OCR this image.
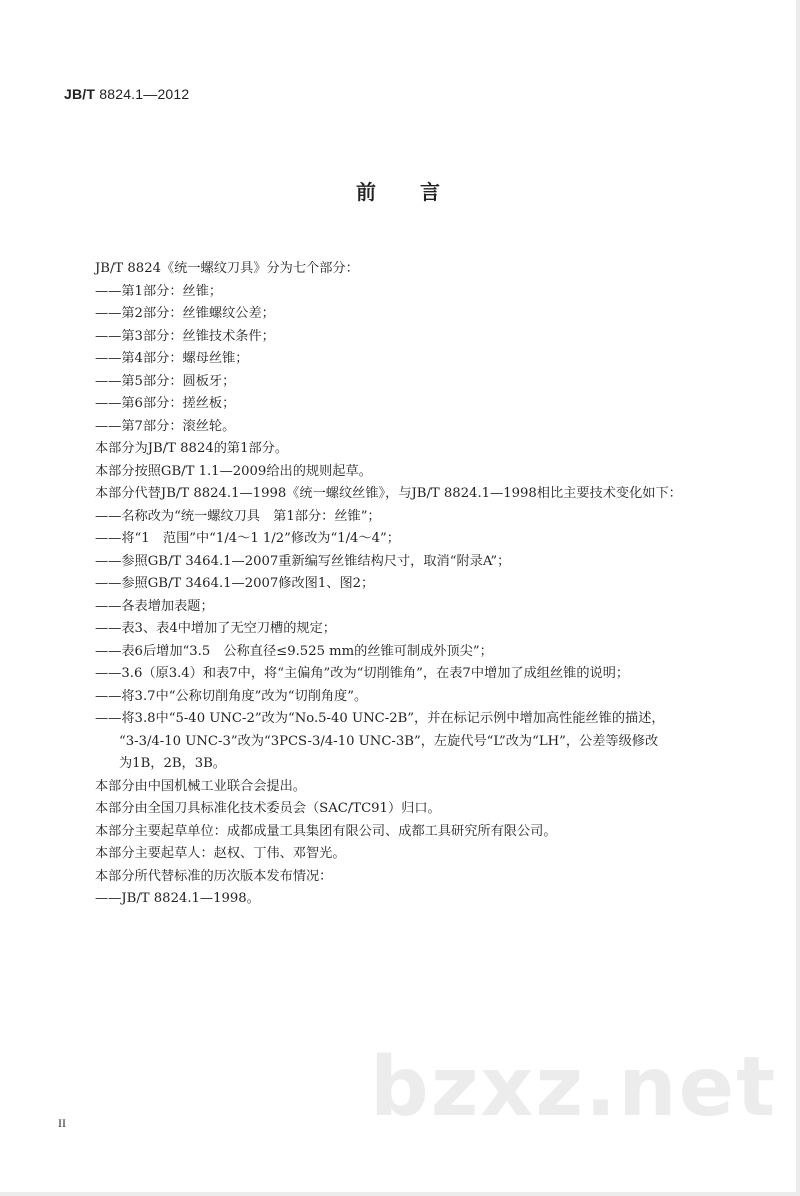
JB/T 8824.1—2012
前言
JB/T 8824《统一螺纹刀具》分为七个部分：
——第1部分：丝锥；
——第2部分：丝锥螺纹公差；
——第3部分：丝锥技术条件；
——第4部分：螺母丝锥；
——第5部分：圆板牙；
——第6部分：搓丝板；
——第7部分：滚丝轮。
本部分为JB/T 8824的第1部分。
本部分按照GB/T 1.1—2009给出的规则起草。
本部分代替JB/T 8824.1—1998《统一螺纹丝锥》，与JB/T 8824.1—1998相比主要技术变化如下：
——名称改为“统一螺纹刀具　第1部分：丝锥”；
——将“1　范围”中“1/4～1 1/2”修改为“1/4～4”；
——参照GB/T 3464.1—2007重新编写丝锥结构尺寸，取消“附录A”；
——参照GB/T 3464.1—2007修改图1、图2；
——各表增加表题；
——表3、表4中增加了无空刀槽的规定；
——表6后增加“3.5　公称直径≤9.525 mm的丝锥可制成外顶尖”；
——3.6（原3.4）和表7中，将“主偏角”改为“切削锥角”，在表7中增加了成组丝锥的说明；
——将3.7中“公称切削角度”改为“切削角度”。
——将3.8中“5-40 UNC-2”改为“No.5-40 UNC-2B”，并在标记示例中增加高性能丝锥的描述，
“3-3/4-10 UNC-3”改为“3PCS-3/4-10 UNC-3B”，左旋代号“L”改为“LH”，公差等级修改
为1B，2B，3B。
本部分由中国机械工业联合会提出。
本部分由全国刀具标准化技术委员会（SAC/TC91）归口。
本部分主要起草单位：成都成量工具集团有限公司、成都工具研究所有限公司。
本部分主要起草人：赵权、丁伟、邓智光。
本部分所代替标准的历次版本发布情况：
——JB/T 8824.1—1998。
bzxz.net
II
